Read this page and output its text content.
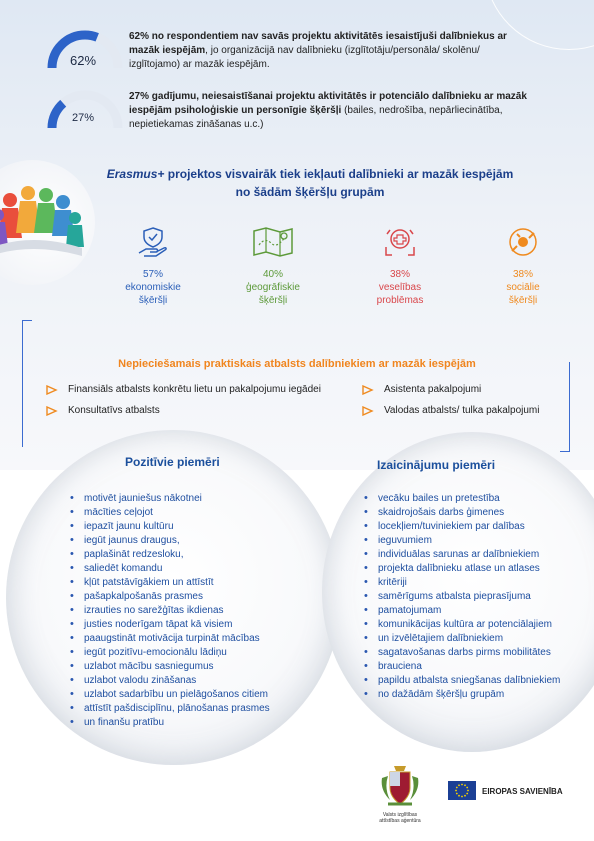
62%
62% no respondentiem nav savās projektu aktivitātēs iesaistījuši dalībniekus ar mazāk iespējām, jo organizācijā nav dalībnieku (izglītotāju/personāla/ skolēnu/ izglītojamo) ar mazāk iespējām.
27%
27% gadījumu, neiesaistīšanai projektu aktivitātēs ir potenciālo dalībnieku ar mazāk iespējām psiholoģiskie un personīgie šķēršļi (bailes, nedrošība, nepārliecinātība, nepietiekamas zināšanas u.c.)
Erasmus+ projektos visvairāk tiek iekļauti dalībnieki ar mazāk iespējām
no šādām šķēršļu grupām
57%
ekonomiskie
šķēršļi
40%
ģeogrāfiskie
šķēršļi
38%
veselības
problēmas
38%
sociālie
šķēršļi
Nepieciešamais praktiskais atbalsts dalībniekiem ar mazāk iespējām
Finansiāls atbalsts konkrētu lietu un pakalpojumu iegādei
Konsultatīvs atbalsts
Asistenta pakalpojumi
Valodas atbalsts/ tulka pakalpojumi
Pozitīvie piemēri	Izaicinājumu piemēri
• motivēt jauniešus nākotnei
• mācīties ceļojot
• iepazīt jaunu kultūru
• iegūt jaunus draugus,
• paplašināt redzesloku,
• saliedēt komandu
• kļūt patstāvīgākiem un attīstīt
• pašapkalpošanās prasmes
• izrauties no sarežģītas ikdienas
• justies noderīgam tāpat kā visiem
• paaugstināt motivācija turpināt mācības
• iegūt pozitīvu-emocionālu lādiņu
• uzlabot mācību sasniegumus
• uzlabot valodu zināšanas
• uzlabot sadarbību un pielāgošanos citiem
• attīstīt pašdisciplīnu, plānošanas prasmes
• un finanšu pratību
• vecāku bailes un pretestība
• skaidrojošais darbs ģimenes
• locekļiem/tuviniekiem par dalības
• ieguvumiem
• individuālas sarunas ar dalībniekiem
• projekta dalībnieku atlase un atlases
• kritēriji
• samērīgums atbalsta pieprasījuma
• pamatojumam
• komunikācijas kultūra ar potenciālajiem
• un izvēlētajiem dalībniekiem
• sagatavošanas darbs pirms mobilitātes
• brauciena
• papildu atbalsta sniegšanas dalībniekiem
• no dažādām šķēršļu grupām
Valsts izglītības
attīstības aģentūra
EIROPAS SAVIENĪBA
